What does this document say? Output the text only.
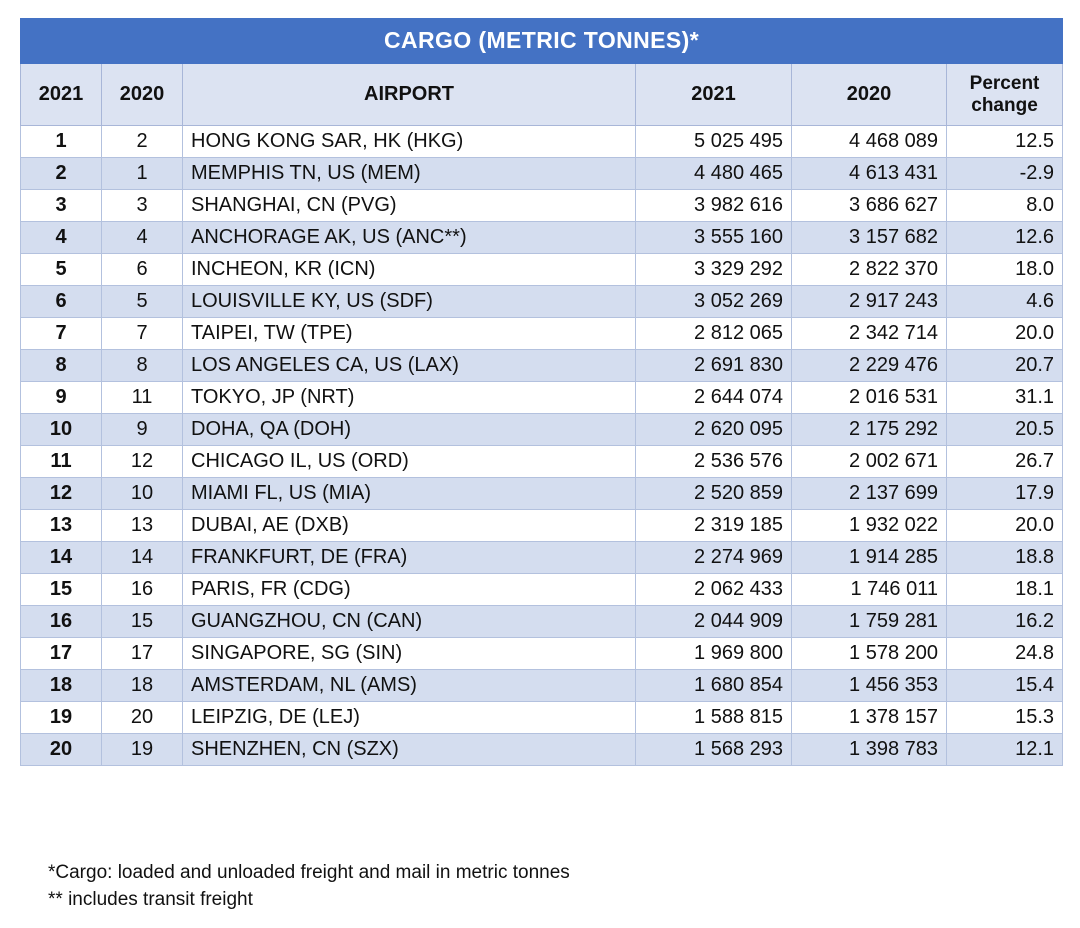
CARGO (METRIC TONNES)*					
2021	2020	AIRPORT	2021	2020	Percent
change
1	2	HONG KONG SAR, HK (HKG)	5 025 495	4 468 089	12.5
2	1	MEMPHIS TN, US (MEM)	4 480 465	4 613 431	-2.9
3	3	SHANGHAI, CN (PVG)	3 982 616	3 686 627	8.0
4	4	ANCHORAGE AK, US (ANC**)	3 555 160	3 157 682	12.6
5	6	INCHEON, KR (ICN)	3 329 292	2 822 370	18.0
6	5	LOUISVILLE KY, US (SDF)	3 052 269	2 917 243	4.6
7	7	TAIPEI, TW (TPE)	2 812 065	2 342 714	20.0
8	8	LOS ANGELES CA, US (LAX)	2 691 830	2 229 476	20.7
9	11	TOKYO, JP (NRT)	2 644 074	2 016 531	31.1
10	9	DOHA, QA (DOH)	2 620 095	2 175 292	20.5
11	12	CHICAGO IL, US (ORD)	2 536 576	2 002 671	26.7
12	10	MIAMI FL, US (MIA)	2 520 859	2 137 699	17.9
13	13	DUBAI, AE (DXB)	2 319 185	1 932 022	20.0
14	14	FRANKFURT, DE (FRA)	2 274 969	1 914 285	18.8
15	16	PARIS, FR (CDG)	2 062 433	1 746 011	18.1
16	15	GUANGZHOU, CN (CAN)	2 044 909	1 759 281	16.2
17	17	SINGAPORE, SG (SIN)	1 969 800	1 578 200	24.8
18	18	AMSTERDAM, NL (AMS)	1 680 854	1 456 353	15.4
19	20	LEIPZIG, DE (LEJ)	1 588 815	1 378 157	15.3
20	19	SHENZHEN, CN (SZX)	1 568 293	1 398 783	12.1
*Cargo: loaded and unloaded freight and mail in metric tonnes
** includes transit freight
